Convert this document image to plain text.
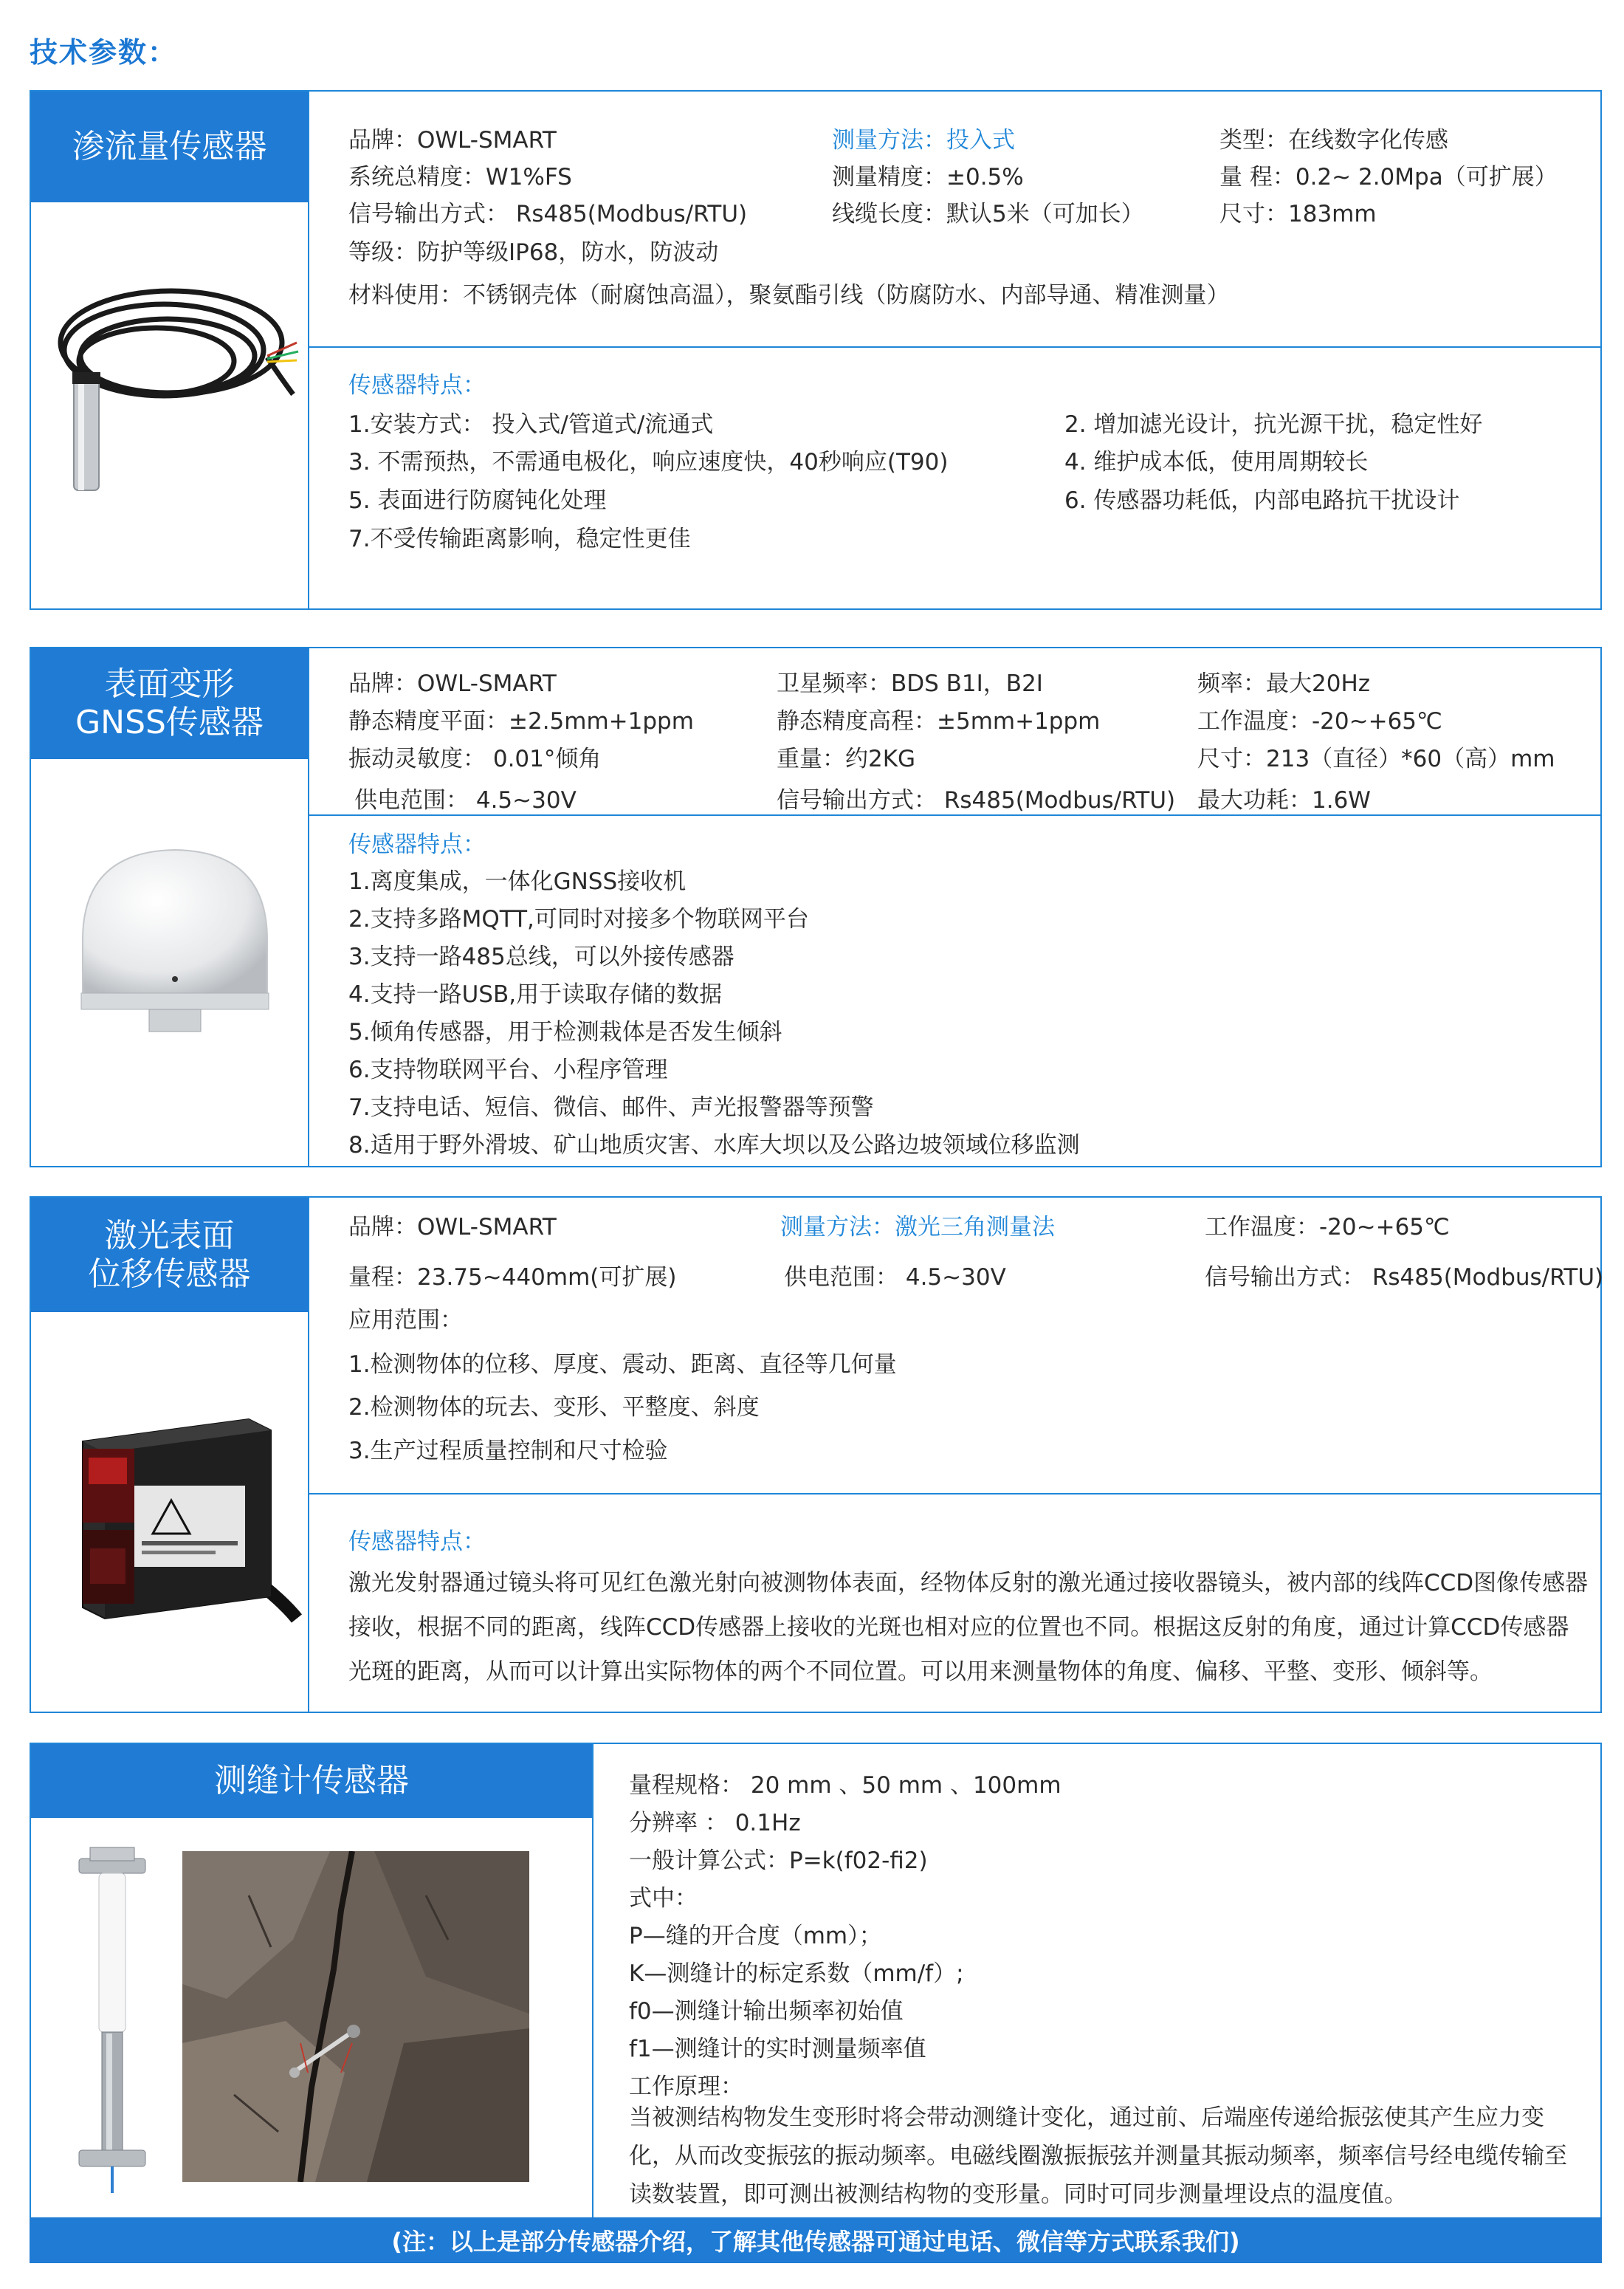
技术参数：
渗流量传感器	品牌：OWL-SMART	测量方法：投入式	类型：在线数字化传感
系统总精度：W1%FS	测量精度：±0.5%	量 程：0.2~ 2.0Mpa（可扩展）
信号输出方式： Rs485(Modbus/RTU)	线缆长度：默认5米（可加长）	尺寸：183mm
等级：防护等级IP68，防水，防波动
材料使用：不锈钢壳体（耐腐蚀高温），聚氨酯引线（防腐防水、内部导通、精准测量）
传感器特点：
1.安装方式： 投入式/管道式/流通式	2. 增加滤光设计，抗光源干扰，稳定性好
3. 不需预热，不需通电极化，响应速度快，40秒响应(T90)	4. 维护成本低，使用周期较长
5. 表面进行防腐钝化处理	6. 传感器功耗低，内部电路抗干扰设计
7.不受传输距离影响，稳定性更佳
表面变形
GNSS传感器
品牌：OWL-SMART	卫星频率：BDS B1I，B2I	频率：最大20Hz
静态精度平面：±2.5mm+1ppm	静态精度高程：±5mm+1ppm	工作温度：-20~+65℃
振动灵敏度： 0.01°倾角	重量：约2KG	尺寸：213（直径）*60（高）mm
供电范围： 4.5~30V	信号输出方式： Rs485(Modbus/RTU) 最大功耗：1.6W
传感器特点：
1.离度集成，一体化GNSS接收机
2.支持多路MQTT,可同时对接多个物联网平台
3.支持一路485总线，可以外接传感器
4.支持一路USB,用于读取存储的数据
5.倾角传感器，用于检测栽体是否发生倾斜
6.支持物联网平台、小程序管理
7.支持电话、短信、微信、邮件、声光报警器等预警
8.适用于野外滑坡、矿山地质灾害、水库大坝以及公路边坡领域位移监测
激光表面
位移传感器
品牌：OWL-SMART	测量方法：激光三角测量法	工作温度：-20~+65℃
量程：23.75~440mm(可扩展)	供电范围： 4.5~30V	信号输出方式： Rs485(Modbus/RTU)
应用范围：
1.检测物体的位移、厚度、震动、距离、直径等几何量
2.检测物体的玩去、变形、平整度、斜度
3.生产过程质量控制和尺寸检验
传感器特点：
激光发射器通过镜头将可见红色激光射向被测物体表面，经物体反射的激光通过接收器镜头，被内部的线阵CCD图像传感器接收，根据不同的距离，线阵CCD传感器上接收的光斑也相对应的位置也不同。根据这反射的角度，通过计算CCD传感器光斑的距离，从而可以计算出实际物体的两个不同位置。可以用来测量物体的角度、偏移、平整、变形、倾斜等。
测缝计传感器	量程规格： 20 mm 、50 mm 、100mm
分辨率 ： 0.1Hz
一般计算公式：P=k(f02-fi2)
式中：
P—缝的开合度（mm）；
K—测缝计的标定系数（mm/f）;
f0—测缝计输出频率初始值
f1—测缝计的实时测量频率值
工作原理：
当被测结构物发生变形时将会带动测缝计变化，通过前、后端座传递给振弦使其产生应力变化，从而改变振弦的振动频率。电磁线圈激振振弦并测量其振动频率，频率信号经电缆传输至读数装置，即可测出被测结构物的变形量。同时可同步测量埋设点的温度值。
(注：以上是部分传感器介绍，了解其他传感器可通过电话、微信等方式联系我们)
